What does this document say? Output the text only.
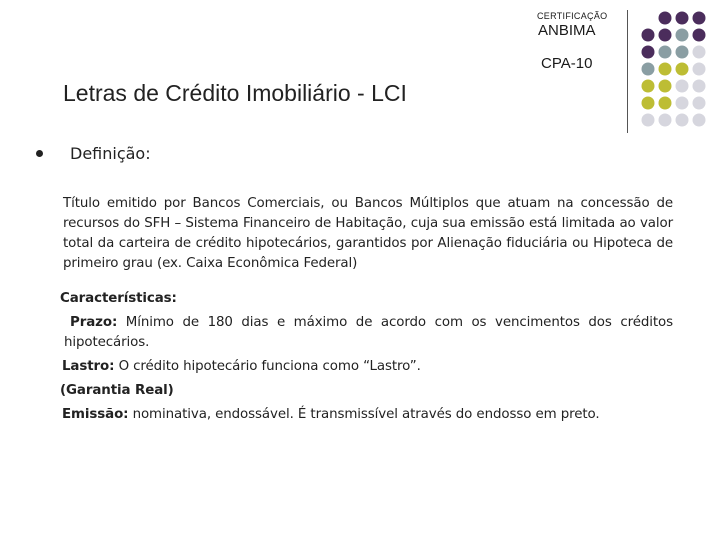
CERTIFICAÇÃO
ANBIMA
CPA-10
Letras de Crédito Imobiliário - LCI
Definição:

Título emitido por Bancos Comerciais, ou Bancos Múltiplos que atuam na concessão de recursos do SFH – Sistema Financeiro de Habitação, cuja sua emissão está limitada ao valor total da carteira de crédito hipotecários, garantidos por Alienação fiduciária ou Hipoteca de primeiro grau (ex. Caixa Econômica Federal)

Características:

Prazo: Mínimo de 180 dias e máximo de acordo com os vencimentos dos créditos

hipotecários.

Lastro: O crédito hipotecário funciona como “Lastro”.

(Garantia Real)

Emissão: nominativa, endossável. É transmissível através do endosso em preto.
